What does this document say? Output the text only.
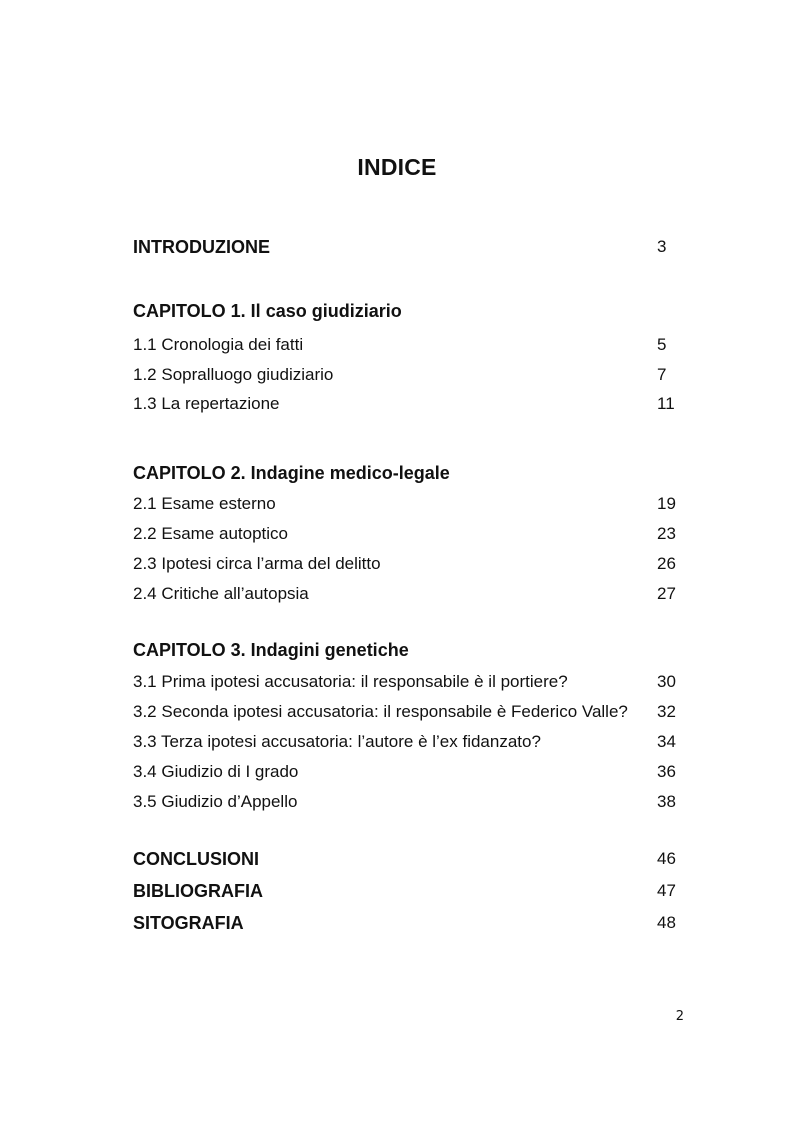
INDICE
INTRODUZIONE	3
CAPITOLO 1. Il caso giudiziario
1.1 Cronologia dei fatti	5
1.2 Sopralluogo giudiziario	7
1.3 La repertazione	11
CAPITOLO 2. Indagine medico-legale
2.1 Esame esterno	19
2.2 Esame autoptico	23
2.3 Ipotesi circa l’arma del delitto	26
2.4 Critiche all’autopsia	27
CAPITOLO 3. Indagini genetiche
3.1 Prima ipotesi accusatoria: il responsabile è il portiere?	30
3.2 Seconda ipotesi accusatoria: il responsabile è Federico Valle? 32
3.3 Terza ipotesi accusatoria: l’autore è l’ex fidanzato?	34
3.4 Giudizio di I grado	36
3.5 Giudizio d’Appello	38
CONCLUSIONI	46
BIBLIOGRAFIA	47
SITOGRAFIA	48
2
